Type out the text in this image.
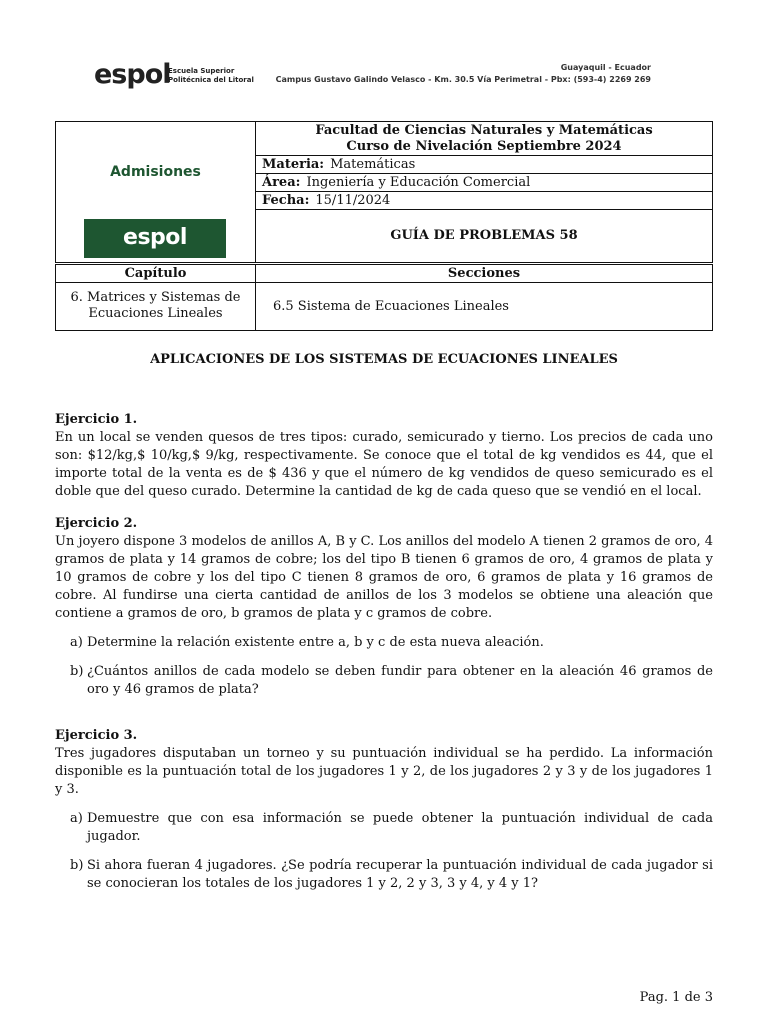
espol
Escuela Superior
Politécnica del Litoral
Guayaquil - Ecuador
Campus Gustavo Galindo Velasco - Km. 30.5 Vía Perimetral - Pbx: (593-4) 2269 269
Admisiones
espol
Facultad de Ciencias Naturales y Matemáticas
Curso de Nivelación Septiembre 2024
Materia: Matemáticas
Área: Ingeniería y Educación Comercial
Fecha: 15/11/2024
GUÍA DE PROBLEMAS 58
Capítulo	Secciones
6. Matrices y Sistemas de
Ecuaciones Lineales	6.5 Sistema de Ecuaciones Lineales
APLICACIONES DE LOS SISTEMAS DE ECUACIONES LINEALES

Ejercicio 1.

En un local se venden quesos de tres tipos: curado, semicurado y tierno. Los precios de cada uno son: $12/kg,$ 10/kg,$ 9/kg, respectivamente. Se conoce que el total de kg vendidos es 44, que el importe total de la venta es de $ 436 y que el número de kg vendidos de queso semicurado es el doble que del queso curado. Determine la cantidad de kg de cada queso que se vendió en el local.

Ejercicio 2.

Un joyero dispone 3 modelos de anillos A, B y C. Los anillos del modelo A tienen 2 gramos de oro, 4 gramos de plata y 14 gramos de cobre; los del tipo B tienen 6 gramos de oro, 4 gramos de plata y 10 gramos de cobre y los del tipo C tienen 8 gramos de oro, 6 gramos de plata y 16 gramos de cobre. Al fundirse una cierta cantidad de anillos de los 3 modelos se obtiene una aleación que contiene a gramos de oro, b gramos de plata y c gramos de cobre.

a) Determine la relación existente entre a, b y c de esta nueva aleación.
b) ¿Cuántos anillos de cada modelo se deben fundir para obtener en la aleación 46 gramos de oro y 46 gramos de plata?

Ejercicio 3.

Tres jugadores disputaban un torneo y su puntuación individual se ha perdido. La información disponible es la puntuación total de los jugadores 1 y 2, de los jugadores 2 y 3 y de los jugadores 1 y 3.

a) Demuestre que con esa información se puede obtener la puntuación individual de cada jugador.
b) Si ahora fueran 4 jugadores. ¿Se podría recuperar la puntuación individual de cada jugador si se conocieran los totales de los jugadores 1 y 2, 2 y 3, 3 y 4, y 4 y 1?
Pag. 1 de 3
